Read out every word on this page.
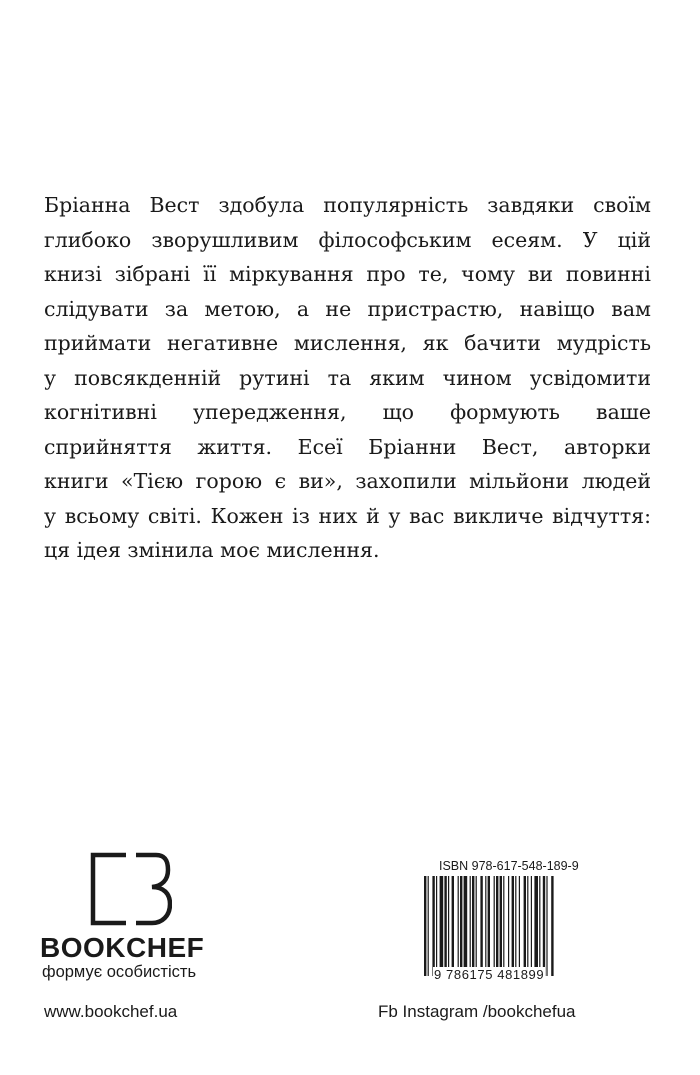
Бріанна Вест здобула популярність завдяки своїм
глибоко зворушливим філософським есеям. У цій
книзі зібрані її міркування про те, чому ви повинні
слідувати за метою, а не пристрастю, навіщо вам
приймати негативне мислення, як бачити мудрість
у повсякденній рутині та яким чином усвідомити
когнітивні упередження, що формують ваше
сприйняття життя. Есеї Бріанни Вест, авторки
книги «Тією горою є ви», захопили мільйони людей
у всьому світі. Кожен із них й у вас викличе відчуття:
ця ідея змінила моє мислення.
BOOKCHEF
формує особистість
www.bookchef.ua
ISBN 978-617-548-189-9
9 786175 481899
Fb Instagram /bookchefua
